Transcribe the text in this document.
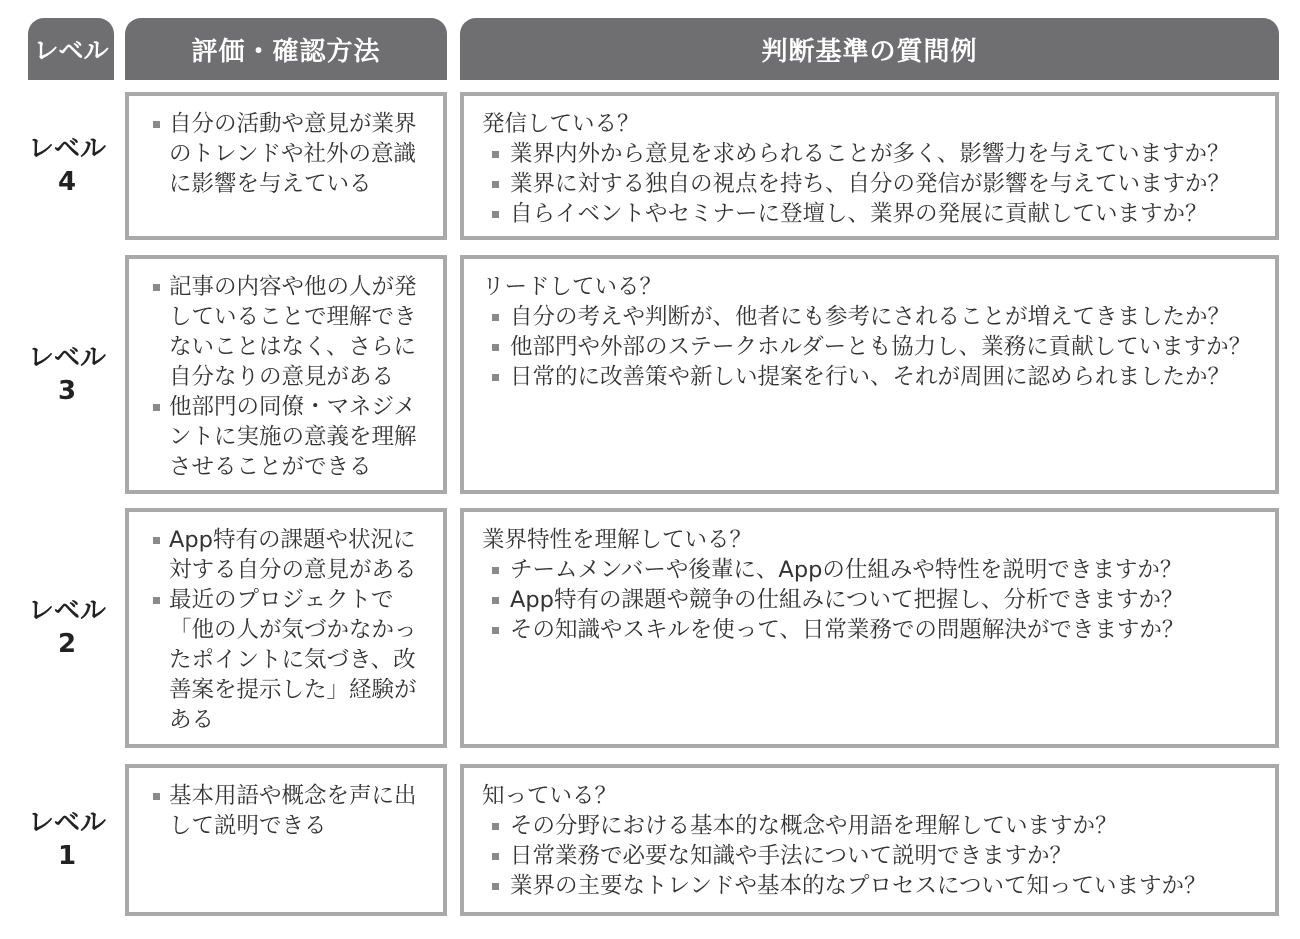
レベル	評価・確認方法	判断基準の質問例
レベル
4
自分の活動や意見が業界のトレンドや社外の意識に影響を与えている
発信している？
業界内外から意見を求められることが多く、影響力を与えていますか？
業界に対する独自の視点を持ち、自分の発信が影響を与えていますか？
自らイベントやセミナーに登壇し、業界の発展に貢献していますか？
レベル
3
記事の内容や他の人が発していることで理解できないことはなく、さらに自分なりの意見がある
他部門の同僚・マネジメントに実施の意義を理解させることができる
リードしている？
自分の考えや判断が、他者にも参考にされることが増えてきましたか？
他部門や外部のステークホルダーとも協力し、業務に貢献していますか？
日常的に改善策や新しい提案を行い、それが周囲に認められましたか？
レベル
2
App特有の課題や状況に対する自分の意見がある
最近のプロジェクトで「他の人が気づかなかったポイントに気づき、改善案を提示した」経験がある
業界特性を理解している？
チームメンバーや後輩に、Appの仕組みや特性を説明できますか？
App特有の課題や競争の仕組みについて把握し、分析できますか？
その知識やスキルを使って、日常業務での問題解決ができますか？
レベル
1
基本用語や概念を声に出して説明できる
知っている？
その分野における基本的な概念や用語を理解していますか？
日常業務で必要な知識や手法について説明できますか？
業界の主要なトレンドや基本的なプロセスについて知っていますか？
